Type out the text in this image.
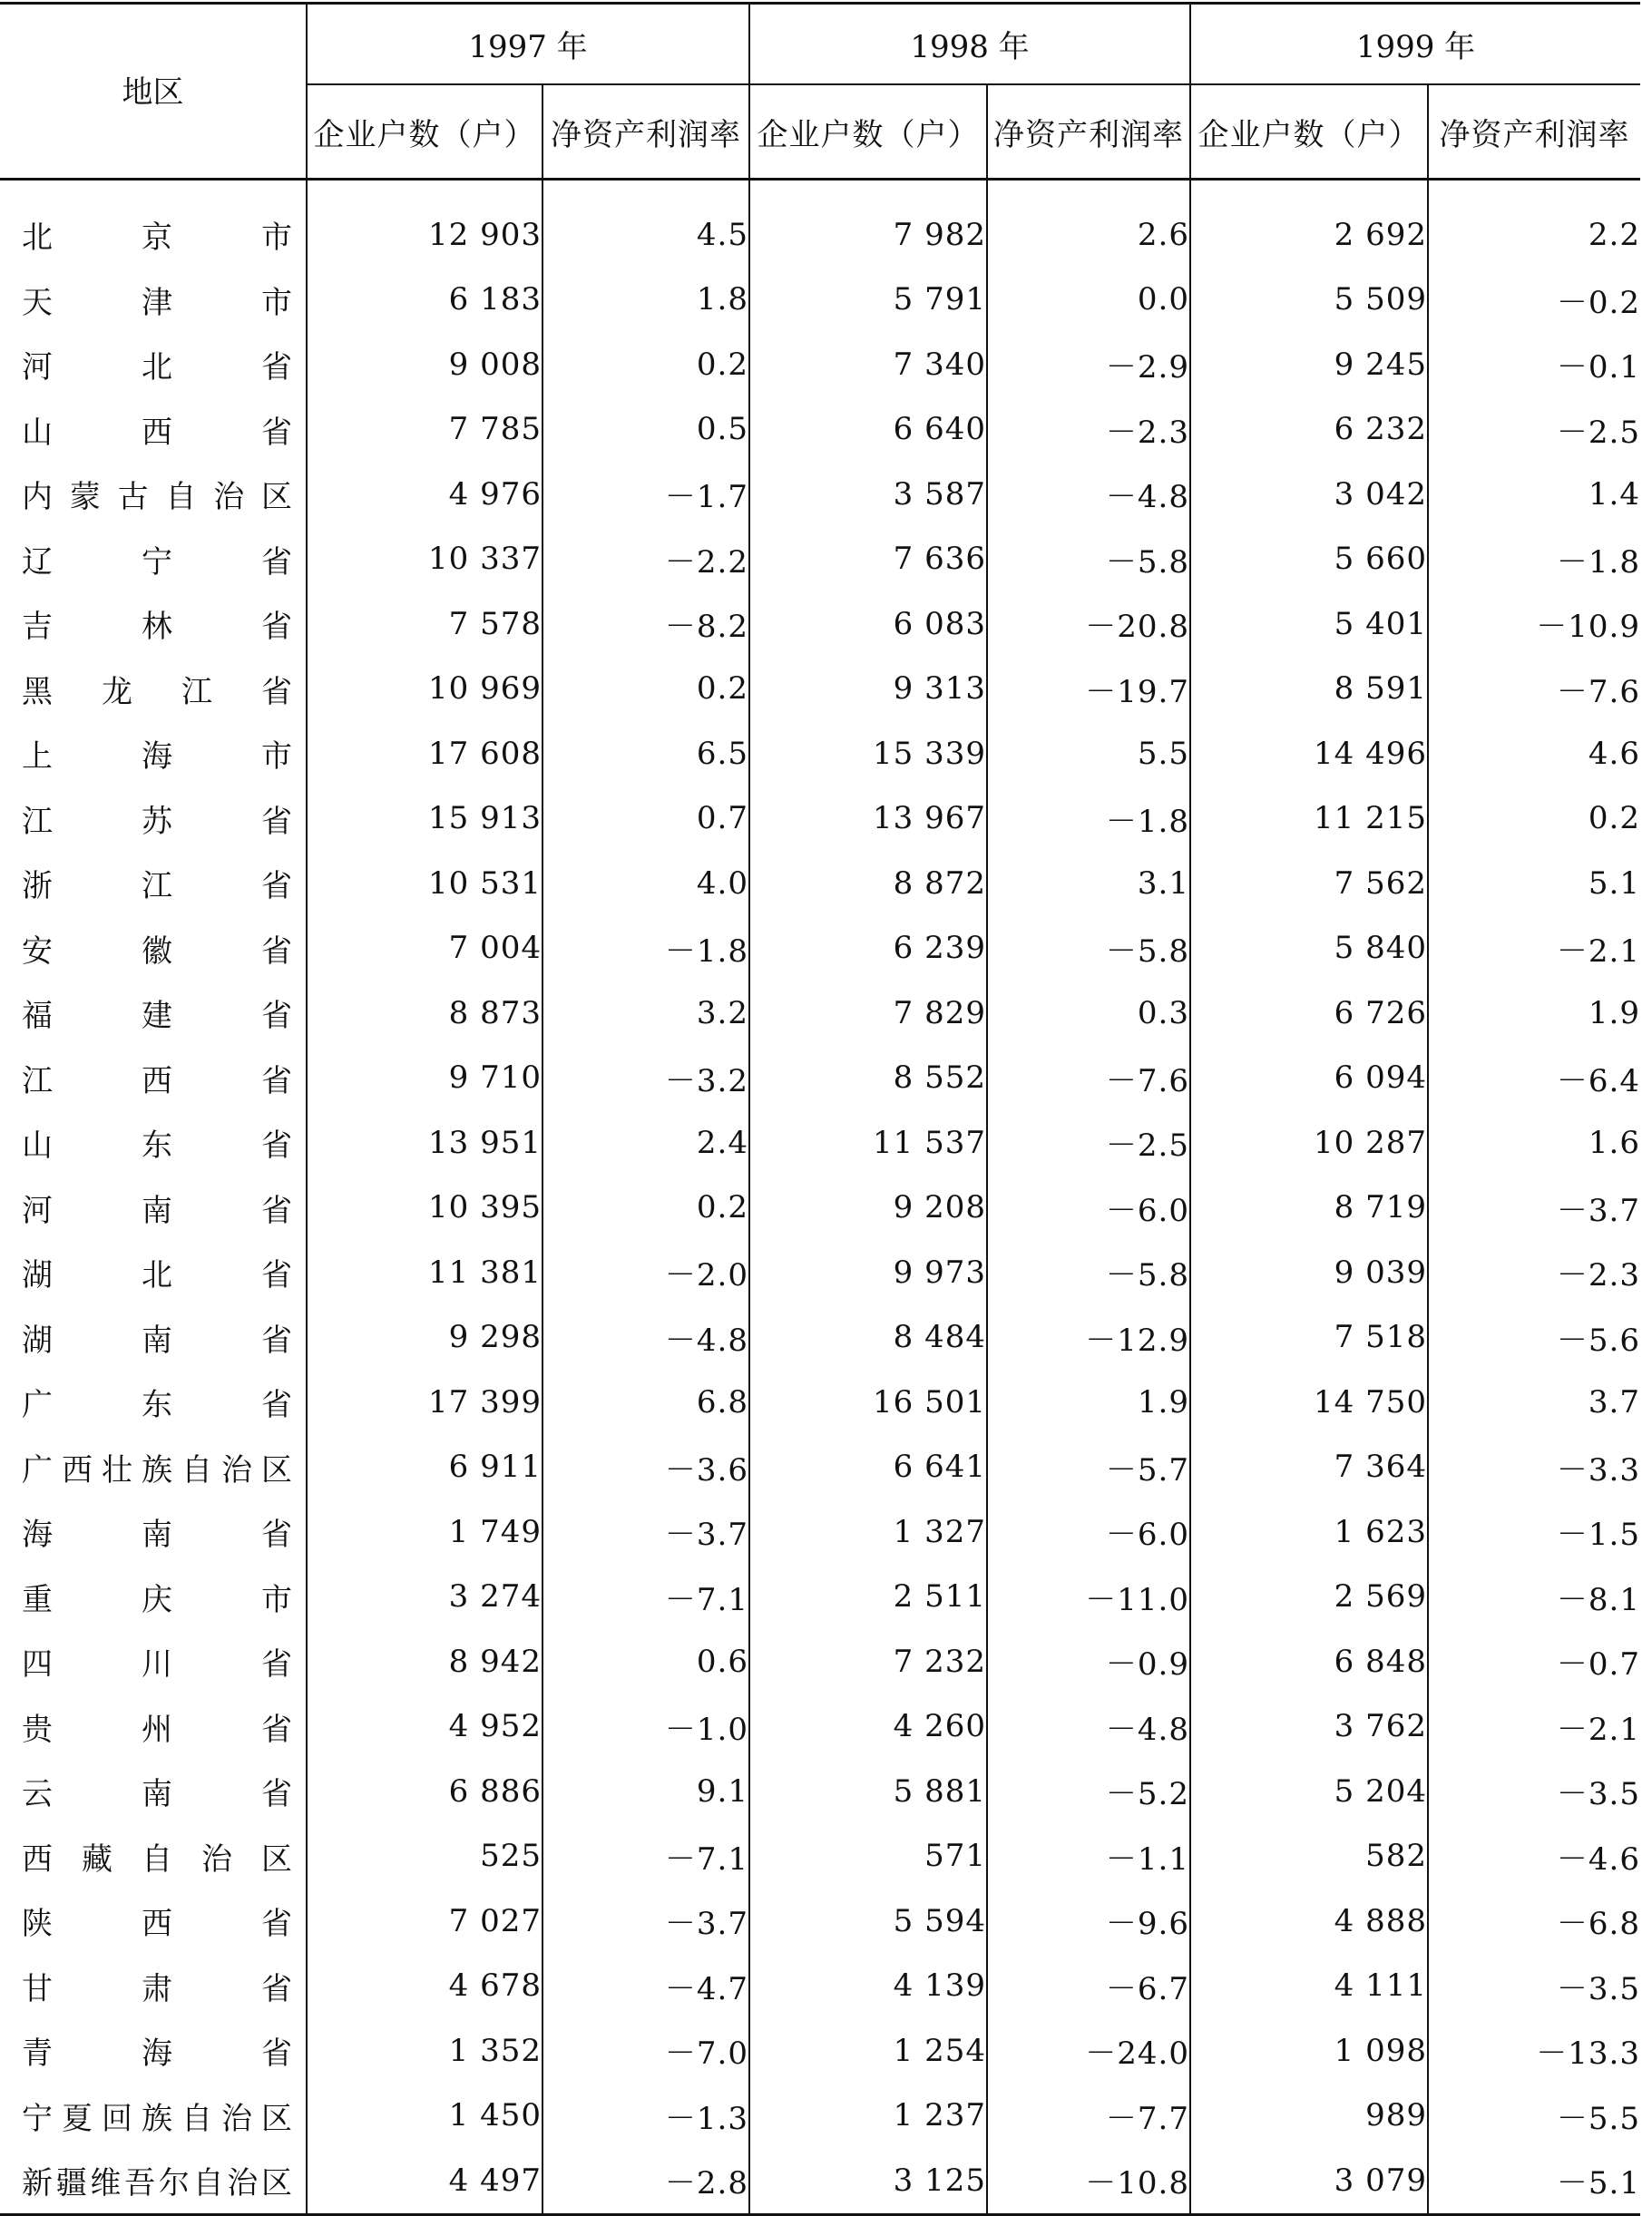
地区	1997 年		1998 年		1999 年	
	企业户数（户）	净资产利润率	企业户数（户）	净资产利润率	企业户数（户）	净资产利润率

北京市	12 903	4.5	7 982	2.6	2 692	2.2

天津市	6 183	1.8	5 791	0.0	5 509	－0.2

河北省	9 008	0.2	7 340	－2.9	9 245	－0.1

山西省	7 785	0.5	6 640	－2.3	6 232	－2.5

内蒙古自治区	4 976	－1.7	3 587	－4.8	3 042	1.4

辽宁省	10 337	－2.2	7 636	－5.8	5 660	－1.8

吉林省	7 578	－8.2	6 083	－20.8	5 401	－10.9

黑龙江省	10 969	0.2	9 313	－19.7	8 591	－7.6

上海市	17 608	6.5	15 339	5.5	14 496	4.6

江苏省	15 913	0.7	13 967	－1.8	11 215	0.2

浙江省	10 531	4.0	8 872	3.1	7 562	5.1

安徽省	7 004	－1.8	6 239	－5.8	5 840	－2.1

福建省	8 873	3.2	7 829	0.3	6 726	1.9

江西省	9 710	－3.2	8 552	－7.6	6 094	－6.4

山东省	13 951	2.4	11 537	－2.5	10 287	1.6

河南省	10 395	0.2	9 208	－6.0	8 719	－3.7

湖北省	11 381	－2.0	9 973	－5.8	9 039	－2.3

湖南省	9 298	－4.8	8 484	－12.9	7 518	－5.6

广东省	17 399	6.8	16 501	1.9	14 750	3.7

广西壮族自治区	6 911	－3.6	6 641	－5.7	7 364	－3.3

海南省	1 749	－3.7	1 327	－6.0	1 623	－1.5

重庆市	3 274	－7.1	2 511	－11.0	2 569	－8.1

四川省	8 942	0.6	7 232	－0.9	6 848	－0.7

贵州省	4 952	－1.0	4 260	－4.8	3 762	－2.1

云南省	6 886	9.1	5 881	－5.2	5 204	－3.5

西藏自治区	525	－7.1	571	－1.1	582	－4.6

陕西省	7 027	－3.7	5 594	－9.6	4 888	－6.8

甘肃省	4 678	－4.7	4 139	－6.7	4 111	－3.5

青海省	1 352	－7.0	1 254	－24.0	1 098	－13.3

宁夏回族自治区	1 450	－1.3	1 237	－7.7	989	－5.5

新疆维吾尔自治区	4 497	－2.8	3 125	－10.8	3 079	－5.1
